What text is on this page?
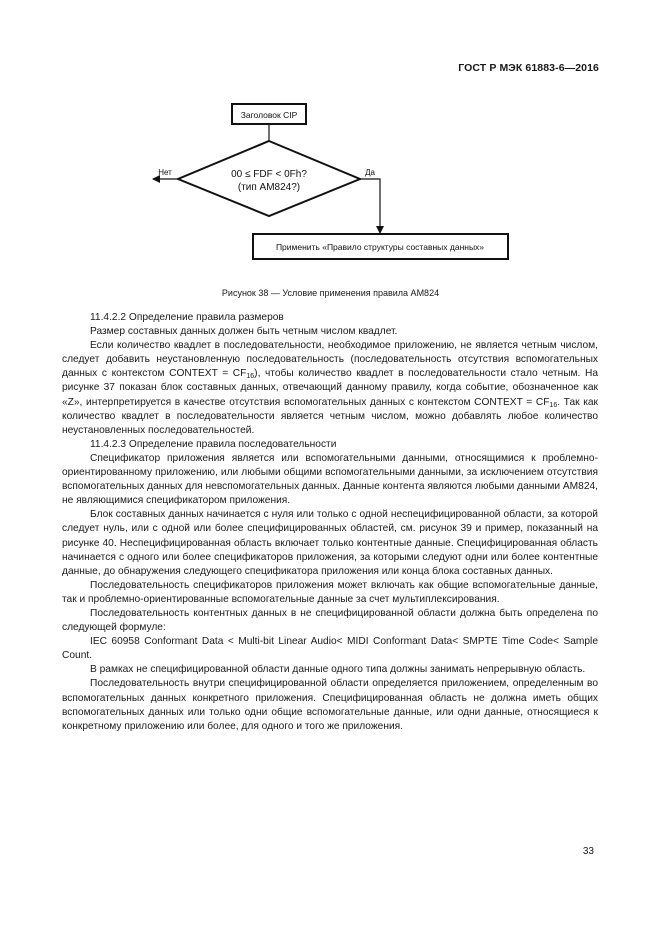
ГОСТ Р МЭК 61883-6—2016
Заголовок CIP
00 ≤ FDF < 0Fh?
(тип AM824?)
Нет	Да
Применить «Правило структуры составных данных»
Рисунок 38 — Условие применения правила AM824

11.4.2.2 Определение правила размеров

Размер составных данных должен быть четным числом квадлет.

Если количество квадлет в последовательности, необходимое приложению, не является четным числом, следует добавить неустановленную последовательность (последовательность отсутствия вспомогательных данных с контекстом CONTEXT = $CF_{16}$), чтобы количество квадлет в последовательности стало четным. На рисунке 37 показан блок составных данных, отвечающий данному правилу, когда событие, обозначенное как «Z», интерпретируется в качестве отсутствия вспомогательных данных с контекстом CONTEXT = $CF_{16}$. Так как количество квадлет в последовательности является четным числом, можно добавлять любое количество неустановленных последовательностей.

11.4.2.3 Определение правила последовательности

Спецификатор приложения является или вспомогательными данными, относящимися к проблемно-ориентированному приложению, или любыми общими вспомогательными данными, за исключением отсутствия вспомогательных данных для невспомогательных данных. Данные контента являются любыми данными AM824, не являющимися спецификатором приложения.

Блок составных данных начинается с нуля или только с одной неспецифицированной области, за которой следует нуль, или с одной или более специфицированных областей, см. рисунок 39 и пример, показанный на рисунке 40. Неспецифицированная область включает только контентные данные. Специфицированная область начинается с одного или более спецификаторов приложения, за которыми следуют одни или более контентные данные, до обнаружения следующего спецификатора приложения или конца блока составных данных.

Последовательность спецификаторов приложения может включать как общие вспомогательные данные, так и проблемно-ориентированные вспомогательные данные за счет мультиплексирования.

Последовательность контентных данных в не специфицированной области должна быть определена по следующей формуле:

IEC 60958 Conformant Data < Multi-bit Linear Audio< MIDI Conformant Data< SMPTE Time Code< Sample Count.

В рамках не специфицированной области данные одного типа должны занимать непрерывную область.

Последовательность внутри специфицированной области определяется приложением, определенным во вспомогательных данных конкретного приложения. Специфицированная область не должна иметь общих вспомогательных данных или только одни общие вспомогательные данные, или одни данные, относящиеся к конкретному приложению или более, для одного и того же приложения.

33
